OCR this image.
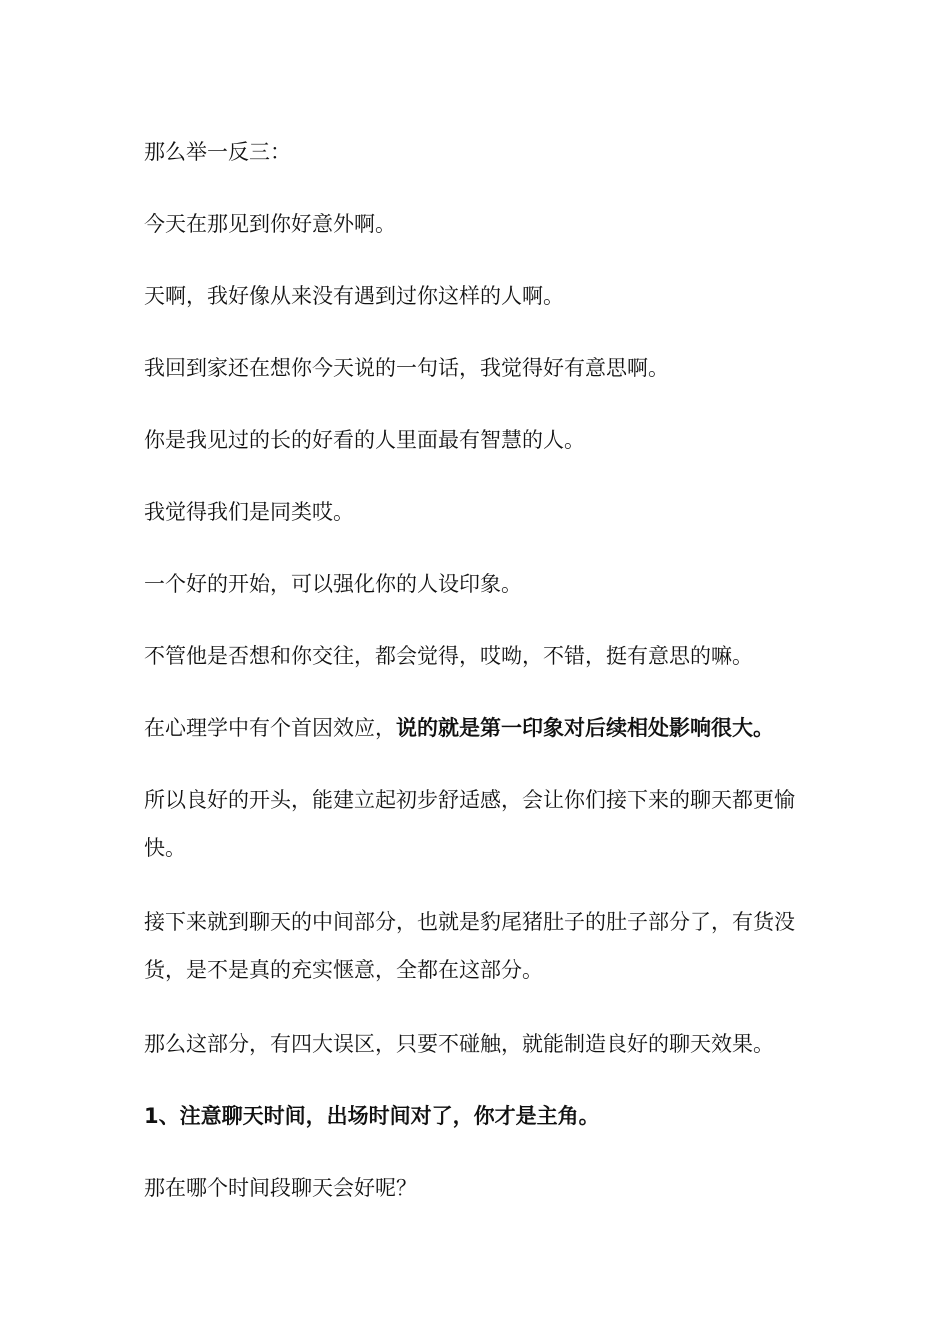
那么举一反三：

今天在那见到你好意外啊。

天啊，我好像从来没有遇到过你这样的人啊。

我回到家还在想你今天说的一句话，我觉得好有意思啊。

你是我见过的长的好看的人里面最有智慧的人。

我觉得我们是同类哎。

一个好的开始，可以强化你的人设印象。

不管他是否想和你交往，都会觉得，哎呦，不错，挺有意思的嘛。

在心理学中有个首因效应，说的就是第一印象对后续相处影响很大。

所以良好的开头，能建立起初步舒适感，会让你们接下来的聊天都更愉

快。

接下来就到聊天的中间部分，也就是豹尾猪肚子的肚子部分了，有货没

货，是不是真的充实惬意，全都在这部分。

那么这部分，有四大误区，只要不碰触，就能制造良好的聊天效果。

1、注意聊天时间，出场时间对了，你才是主角。

那在哪个时间段聊天会好呢？
